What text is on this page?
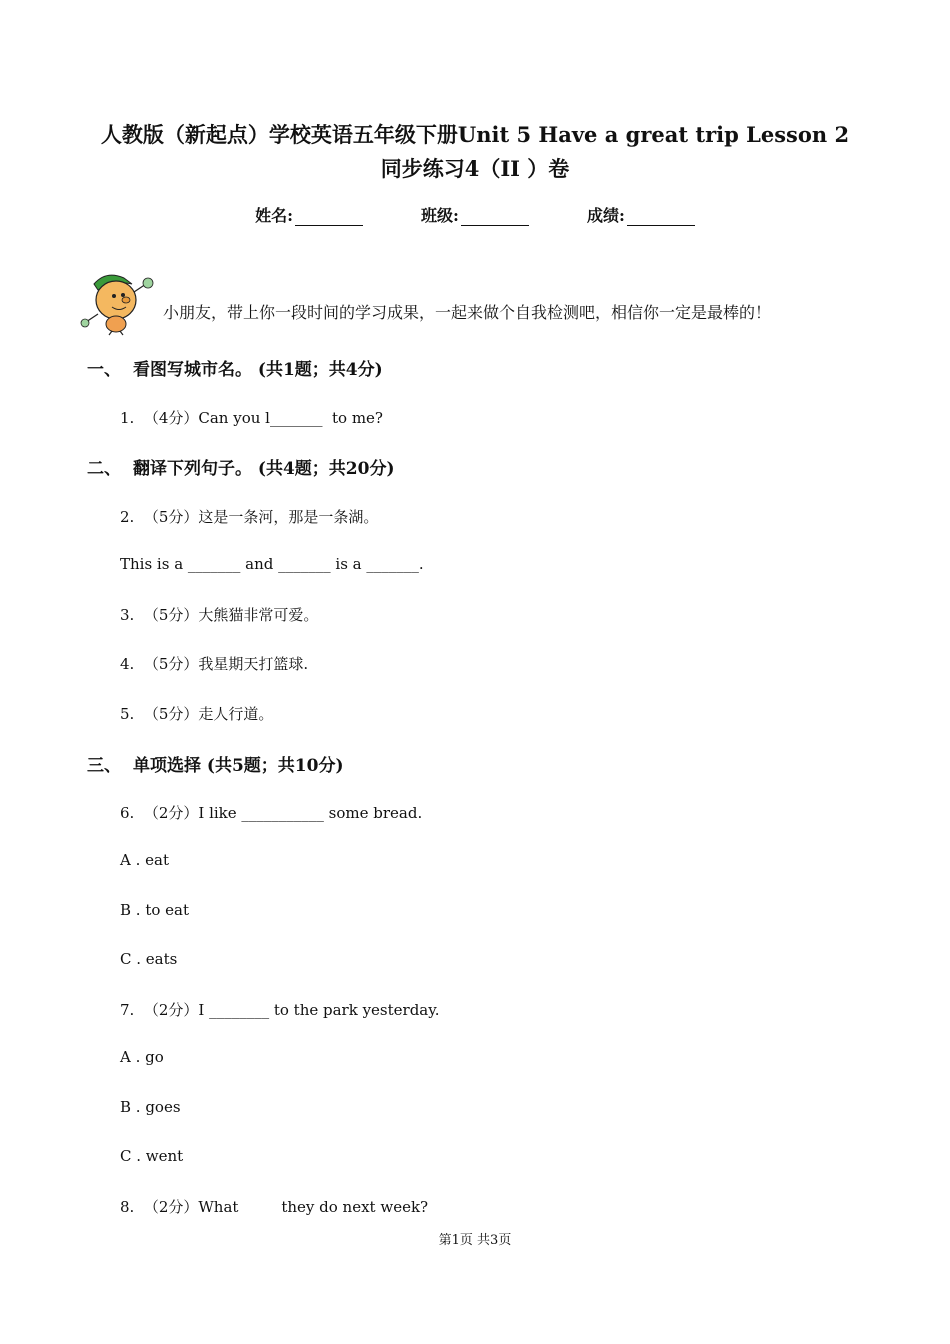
人教版（新起点）学校英语五年级下册Unit 5 Have a great trip Lesson 2
同步练习4（II ）卷
姓名:	班级:	成绩:
小朋友，带上你一段时间的学习成果，一起来做个自我检测吧，相信你一定是最棒的！
一、 看图写城市名。 (共1题；共4分)
1.  （4分）Can you l_______  to me?
二、 翻译下列句子。 (共4题；共20分)
2.  （5分）这是一条河，那是一条湖。
This is a _______ and _______ is a _______.
3.  （5分）大熊猫非常可爱。
4.  （5分）我星期天打篮球.
5.  （5分）走人行道。
三、 单项选择 (共5题；共10分)
6.  （2分）I like ___________ some bread.
A . eat
B . to eat
C . eats
7.  （2分）I ________ to the park yesterday.
A . go
B . goes
C . went
8.  （2分）What         they do next week?
第1页 共3页
